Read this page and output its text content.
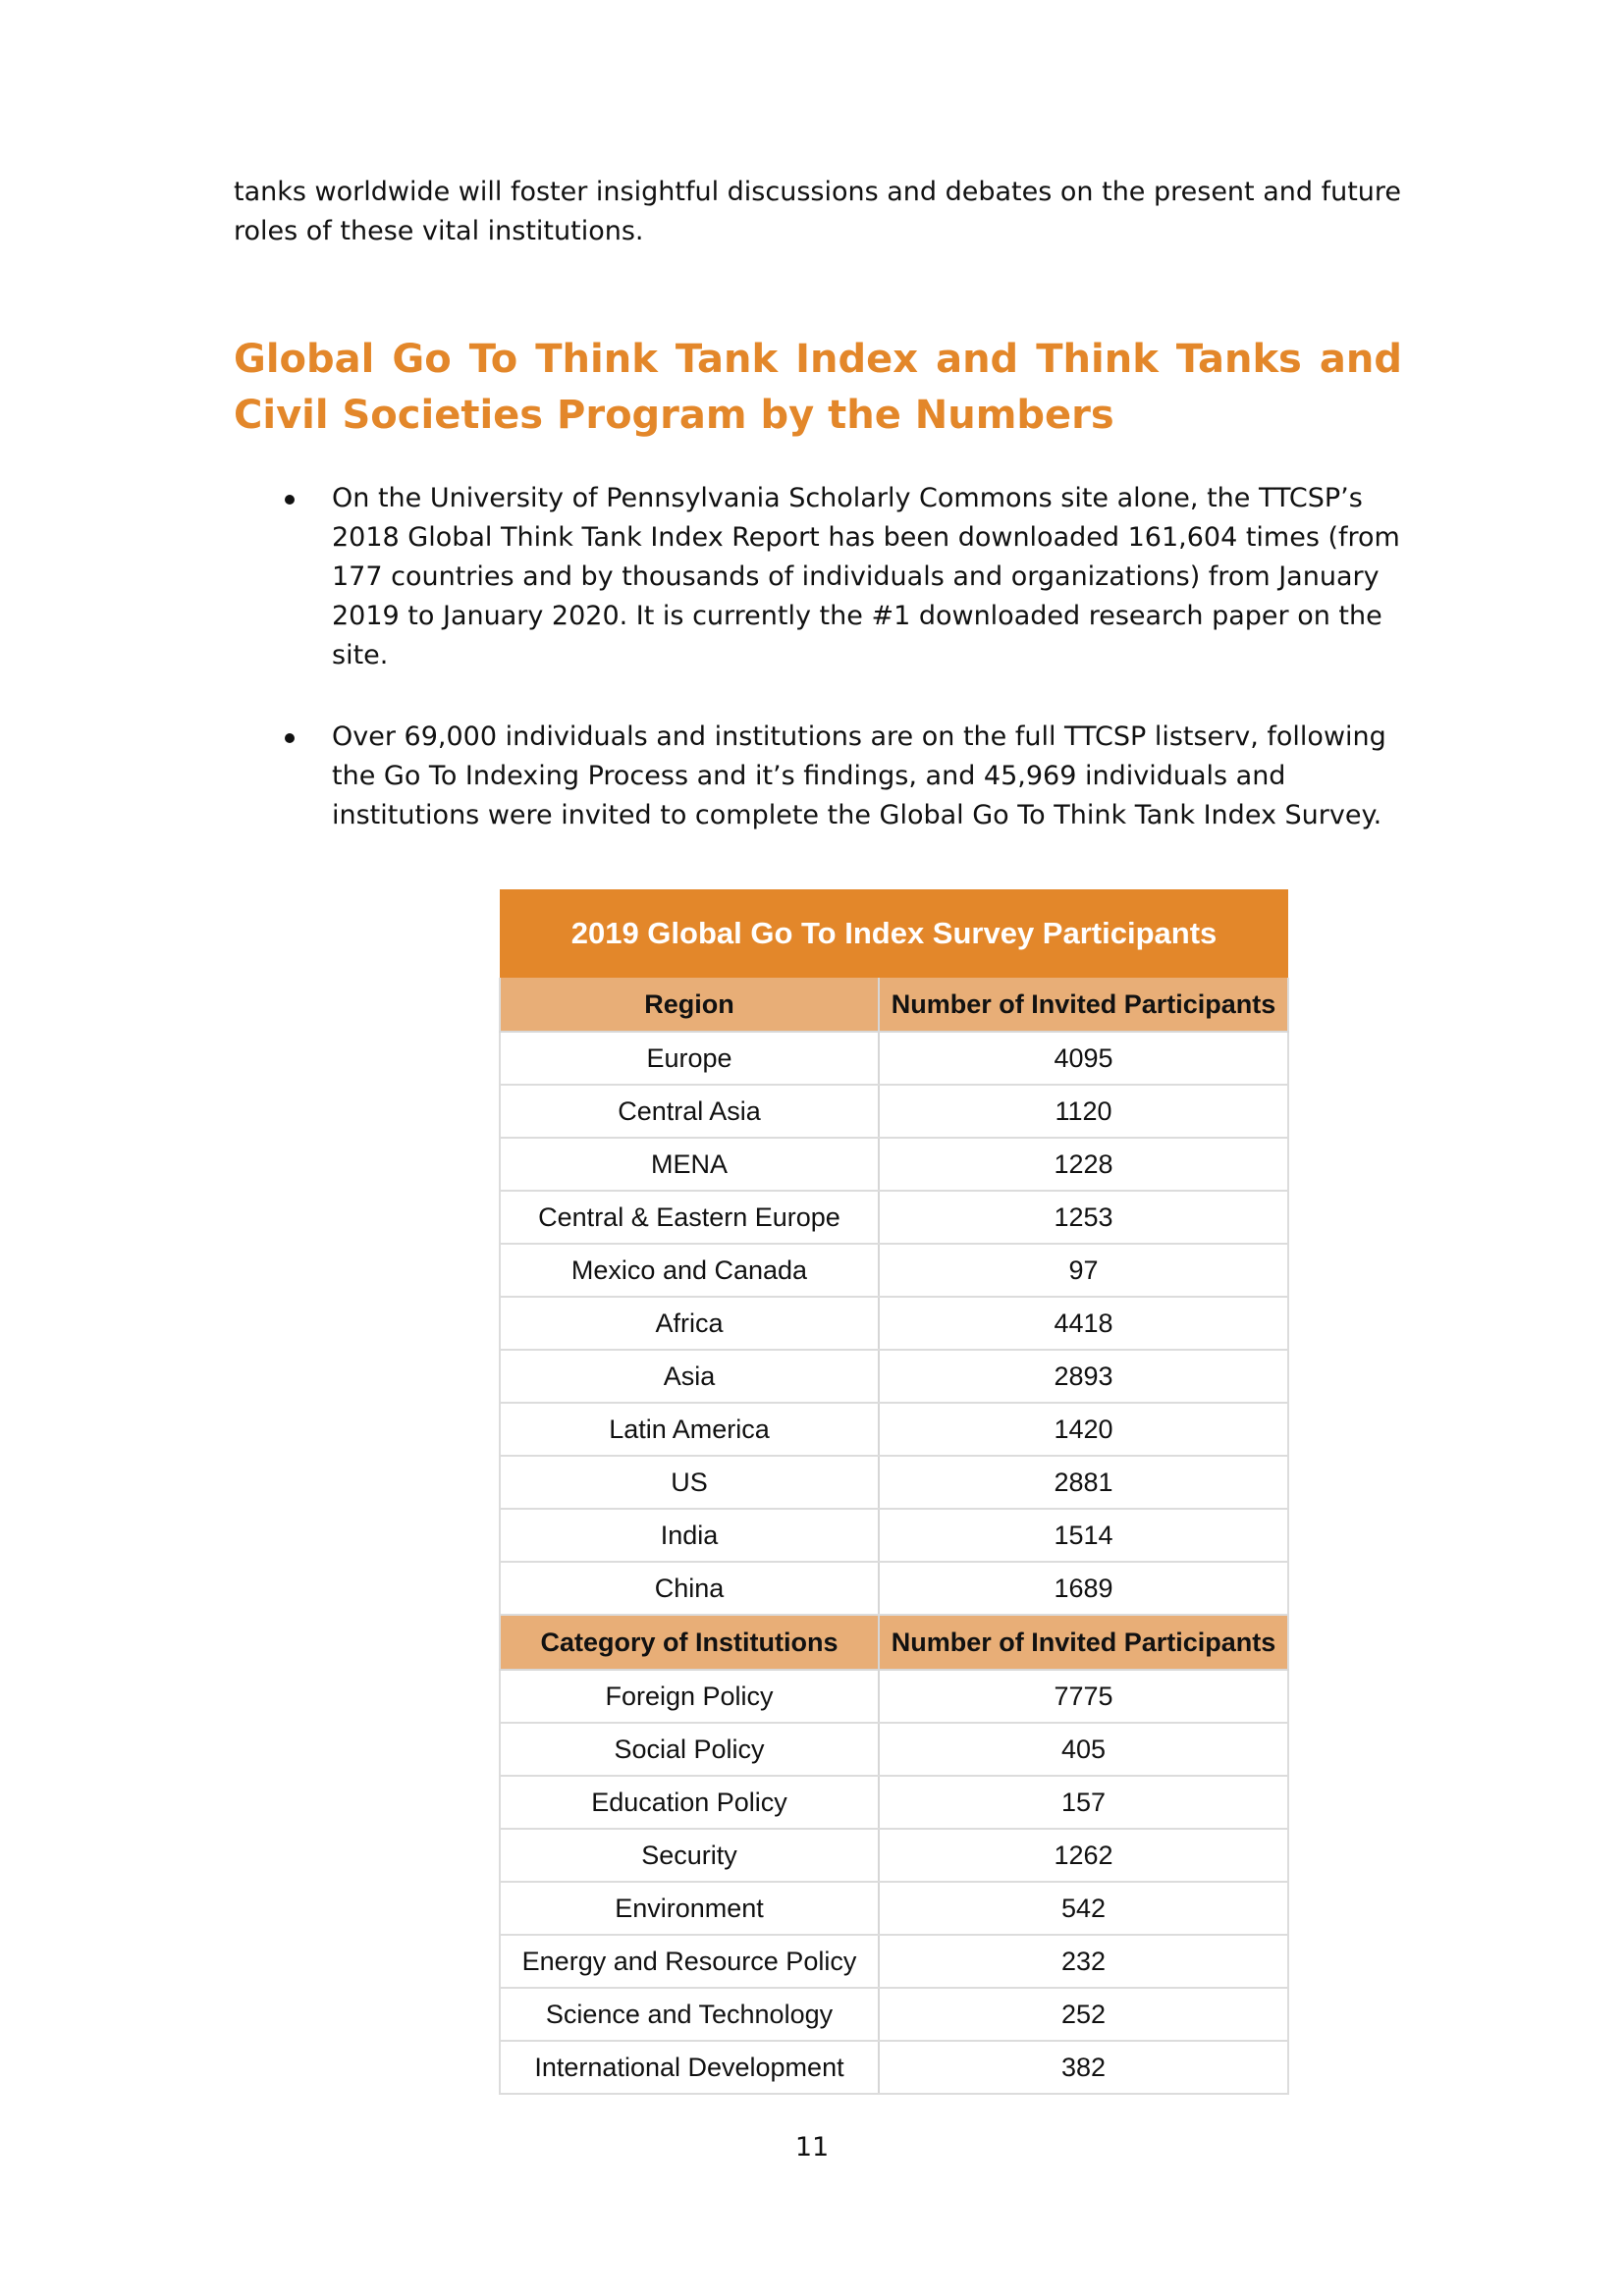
tanks worldwide will foster insightful discussions and debates on the present and future roles of these vital institutions.

Global Go To Think Tank Index and Think Tanks and Civil Societies Program by the Numbers
On the University of Pennsylvania Scholarly Commons site alone, the TTCSP’s 2018 Global Think Tank Index Report has been downloaded 161,604 times (from 177 countries and by thousands of individuals and organizations) from January 2019 to January 2020. It is currently the #1 downloaded research paper on the site.
Over 69,000 individuals and institutions are on the full TTCSP listserv, following the Go To Indexing Process and it’s findings, and 45,969 individuals and institutions were invited to complete the Global Go To Think Tank Index Survey.
2019 Global Go To Index Survey Participants	
Region	Number of Invited Participants
Europe	4095
Central Asia	1120
MENA	1228
Central & Eastern Europe	1253
Mexico and Canada	97
Africa	4418
Asia	2893
Latin America	1420
US	2881
India	1514
China	1689
Category of Institutions	Number of Invited Participants
Foreign Policy	7775
Social Policy	405
Education Policy	157
Security	1262
Environment	542
Energy and Resource Policy	232
Science and Technology	252
International Development	382

11
